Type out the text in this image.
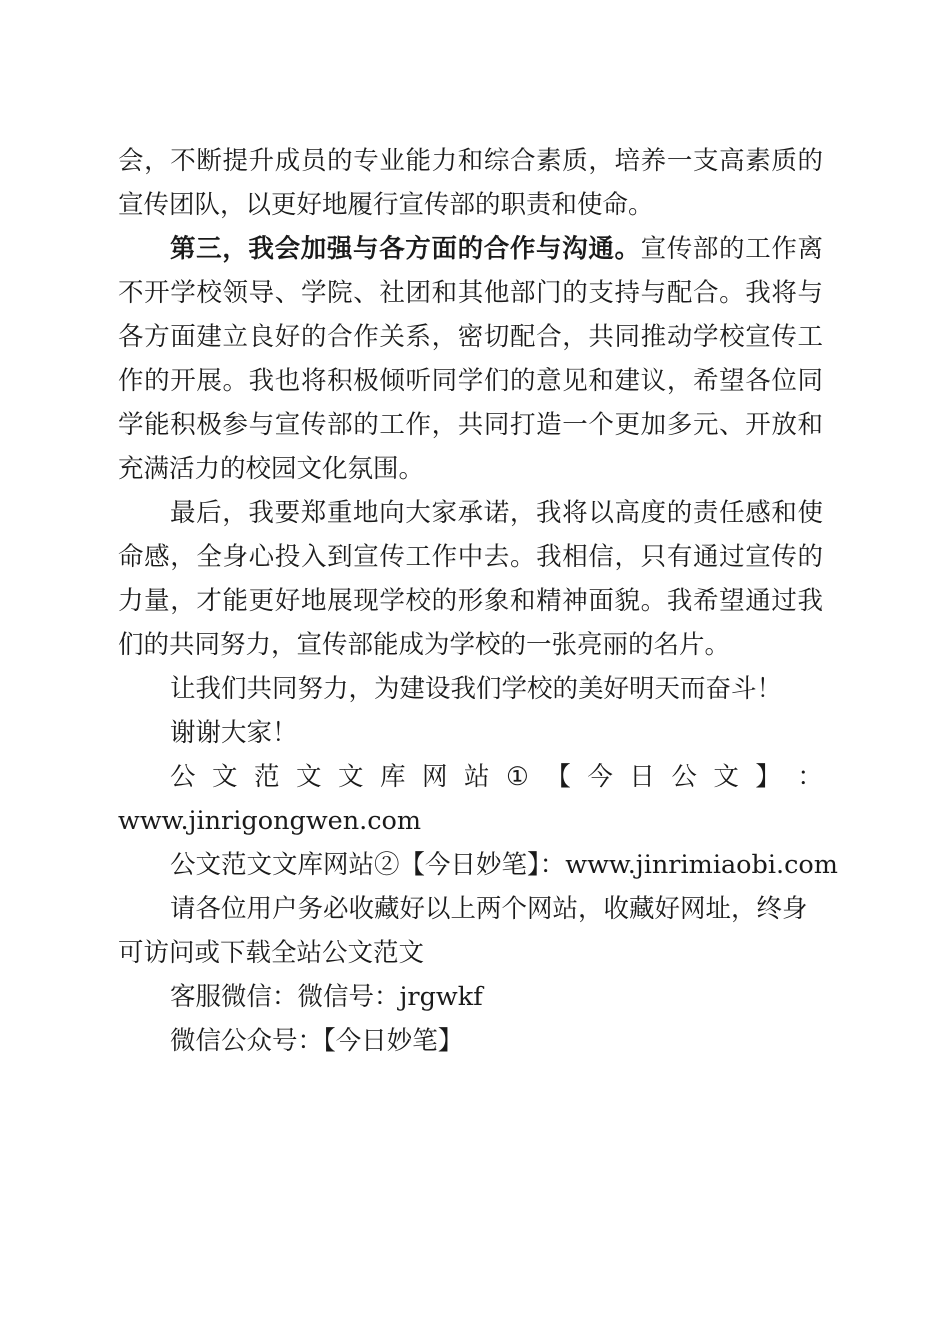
会，不断提升成员的专业能力和综合素质，培养一支高素质的宣传团队，以更好地履行宣传部的职责和使命。

第三，我会加强与各方面的合作与沟通。宣传部的工作离不开学校领导、学院、社团和其他部门的支持与配合。我将与各方面建立良好的合作关系，密切配合，共同推动学校宣传工作的开展。我也将积极倾听同学们的意见和建议，希望各位同学能积极参与宣传部的工作，共同打造一个更加多元、开放和充满活力的校园文化氛围。

最后，我要郑重地向大家承诺，我将以高度的责任感和使命感，全身心投入到宣传工作中去。我相信，只有通过宣传的力量，才能更好地展现学校的形象和精神面貌。我希望通过我们的共同努力，宣传部能成为学校的一张亮丽的名片。

让我们共同努力，为建设我们学校的美好明天而奋斗！

谢谢大家！

公 文 范 文 文 库 网 站 ① 【 今 日 公 文 】 ：
www.jinrigongwen.com
公文范文文库网站②【今日妙笔】：www.jinrimiaobi.com
请各位用户务必收藏好以上两个网站，收藏好网址，终身
可访问或下载全站公文范文
客服微信：微信号：jrgwkf
微信公众号：【今日妙笔】
